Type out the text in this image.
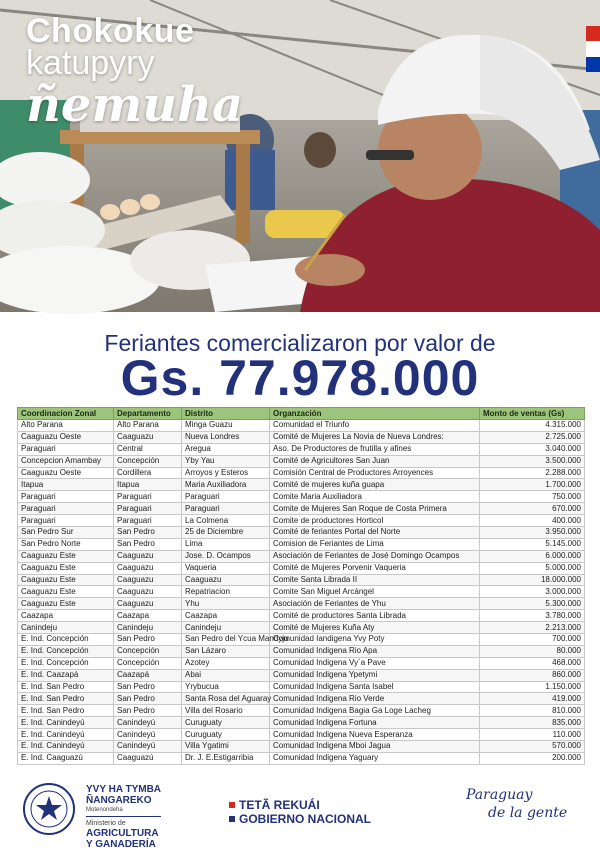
Chokokue
katupyry
ñemuha
Feriantes comercializaron por valor de
Gs. 77.978.000
Coordinacion Zonal	Departamento	Distrito	Organzación	Monto de ventas (Gs)
Alto Parana	Alto Parana	Minga Guazu	Comunidad el Triunfo	4.315.000
Caaguazu Oeste	Caaguazu	Nueva Londres	Comité de Mujeres La Novia de Nueva Londres:	2.725.000
Paraguari	Central	Aregua	Aso. De Productores de frutilla y afines	3.040.000
Concepcion Amambay	Concepción	Yby Yau	Comité de Agricultores San Juan	3.500.000
Caaguazu Oeste	Cordillera	Arroyos y Esteros	Comisión Central de Productores Arroyences	2.288.000
Itapua	Itapua	Maria Auxiliadora	Comité de mujeres kuña guapa	1.700.000
Paraguari	Paraguari	Paraguari	Comite Maria Auxiliadora	750.000
Paraguari	Paraguari	Paraguari	Comite de Mujeres San Roque de Costa Primera	670.000
Paraguari	Paraguari	La Colmena	Comite de productores Horticol	400.000
San Pedro Sur	San Pedro	25 de Diciembre	Comité de feriantes Portal del Norte	3.950.000
San Pedro Norte	San Pedro	Lima	Comision de Feriantes de Lima	5.145.000
Caaguazu Este	Caaguazu	Jose. D. Ocampos	Asociación de Feriantes de José Domingo Ocampos	6.000.000
Caaguazu Este	Caaguazu	Vaqueria	Comité de Mujeres Porvenir Vaqueria	5.000.000
Caaguazu Este	Caaguazu	Caaguazu	Comite Santa Librada II	18.000.000
Caaguazu Este	Caaguazu	Repatriacion	Comite San Miguel Arcángel	3.000.000
Caaguazu Este	Caaguazu	Yhu	Asociación de Feriantes de Yhu	5.300.000
Caazapa	Caazapa	Caazapa	Comité de productores Santa Librada	3.780.000
Canindeju	Canindeju	Canindeju	Comité de Mujeres Kuña Aty	2.213.000
E. Ind. Concepción	San Pedro	San Pedro del Ycua Mandyju	Comunidad Iandigena Yvy Poty	700.000
E. Ind. Concepción	Concepción	San Lázaro	Comunidad Indigena Rio Apa	80.000
E. Ind. Concepción	Concepción	Azotey	Comunidad Indigena Vy´a Pave	468.000
E. Ind. Caazapá	Caazapá	Abai	Comunidad Indigena Ypetymi	860.000
E. Ind. San Pedro	San Pedro	Yrybucua	Comunidad Indigena Santa Isabel	1.150.000
E. Ind. San Pedro	San Pedro	Santa Rosa del Aguaray	Comunidad Indigena Rio Verde	419.000
E. Ind. San Pedro	San Pedro	Villa del Rosario	Comunidad Indigena Bagia Ga Loge Lacheg	810.000
E. Ind. Canindeyú	Canindeyú	Curuguaty	Comunidad Indigena Fortuna	835.000
E. Ind. Canindeyú	Canindeyú	Curuguaty	Comunidad Indigena Nueva Esperanza	110.000
E. Ind. Canindeyú	Canindeyú	Villa Ygatimi	Comunidad Indigena Mboi Jagua	570.000
E. Ind. Caaguazú	Caaguazú	Dr. J. E.Estigarribia	Comunidad Indigena Yaguary	200.000
YVY HA TYMBA
ÑANGAREKO
Motenondeha
Ministerio de
AGRICULTURA
Y GANADERÍA
TETÃ REKUÁI
GOBIERNO NACIONAL
Paraguay
de la gente
